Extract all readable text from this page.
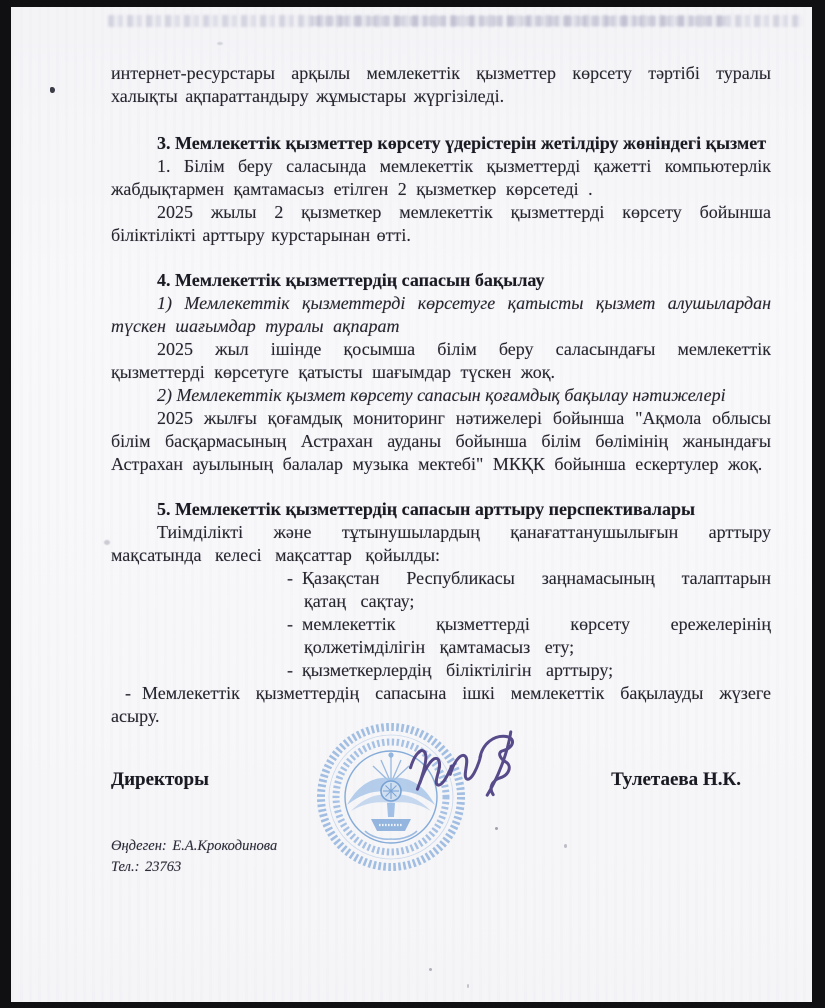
интернет-ресурстары арқылы мемлекеттік қызметтер көрсету тәртібі туралы халықты ақпараттандыру жұмыстары жүргізіледі.

3. Мемлекеттік қызметтер көрсету үдерістерін жетілдіру жөніндегі қызмет

1. Білім беру саласында мемлекеттік қызметтерді қажетті компьютерлік жабдықтармен қамтамасыз етілген 2 қызметкер көрсетеді .

2025 жылы 2 қызметкер мемлекеттік қызметтерді көрсету бойынша біліктілікті арттыру курстарынан өтті.

4. Мемлекеттік қызметтердің сапасын бақылау

1) Мемлекеттік қызметтерді көрсетуге қатысты қызмет алушылардан түскен шағымдар туралы ақпарат

2025 жыл ішінде қосымша білім беру саласындағы мемлекеттік қызметтерді көрсетуге қатысты шағымдар түскен жоқ.

2) Мемлекеттік қызмет көрсету сапасын қоғамдық бақылау нәтижелері

2025 жылғы қоғамдық мониторинг нәтижелері бойынша "Ақмола облысы білім басқармасының Астрахан ауданы бойынша білім бөлімінің жанындағы Астрахан ауылының балалар музыка мектебі" МКҚК бойынша ескертулер жоқ.

5. Мемлекеттік қызметтердің сапасын арттыру перспективалары

Тиімділікті және тұтынушылардың қанағаттанушылығын арттыру мақсатында келесі мақсаттар қойылды:

- Қазақстан Республикасы заңнамасының талаптарын қатаң сақтау;
- мемлекеттік қызметтерді көрсету ережелерінің қолжетімділігін қамтамасыз ету;
- қызметкерлердің біліктілігін арттыру;

- Мемлекеттік қызметтердің сапасына ішкі мемлекеттік бақылауды жүзеге асыру.

Директоры	Тулетаева Н.К.

Өңдеген: Е.А.Крокодинова

Тел.: 23763
